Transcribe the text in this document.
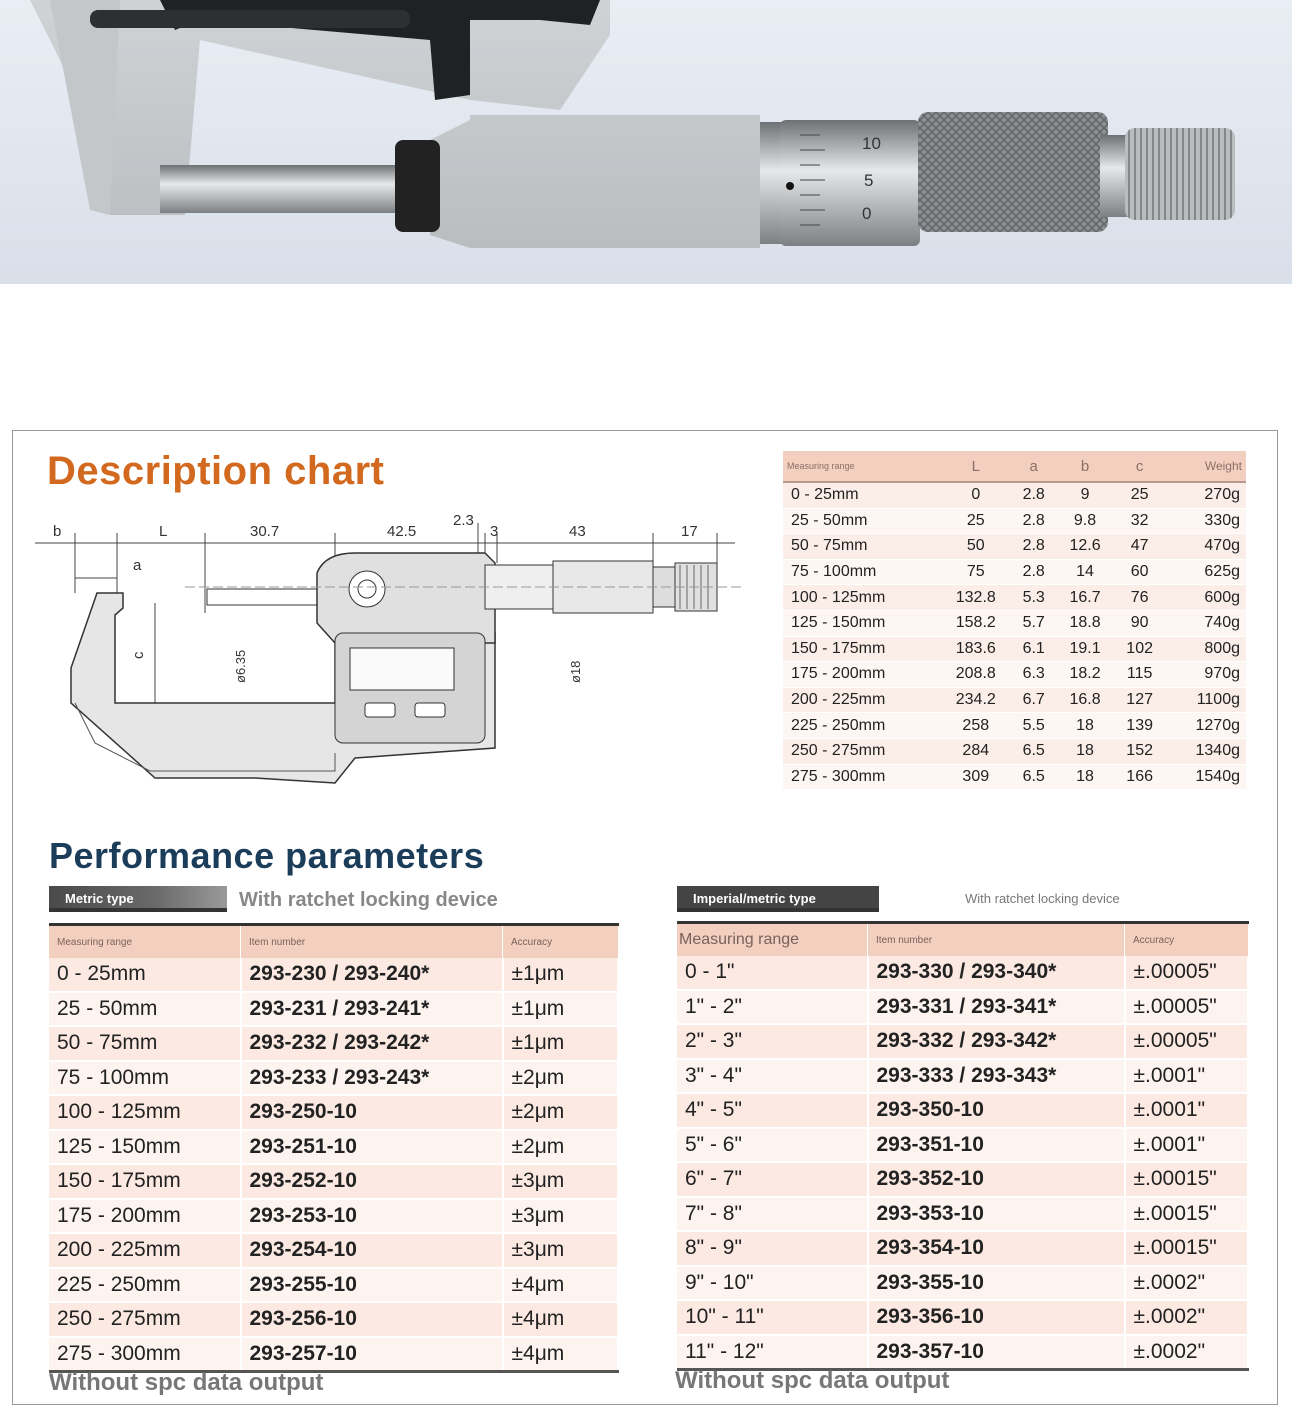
10
5
0
Description chart
b	L	30.7	42.5
2.3
3	43	17
a
c	ø6.35	ø18
Measuring range	L	a	b	c	Weight
0 - 25mm	0	2.8	9	25	270g
25 - 50mm	25	2.8	9.8	32	330g
50 - 75mm	50	2.8	12.6	47	470g
75 - 100mm	75	2.8	14	60	625g
100 - 125mm	132.8	5.3	16.7	76	600g
125 - 150mm	158.2	5.7	18.8	90	740g
150 - 175mm	183.6	6.1	19.1	102	800g
175 - 200mm	208.8	6.3	18.2	115	970g
200 - 225mm	234.2	6.7	16.8	127	1100g
225 - 250mm	258	5.5	18	139	1270g
250 - 275mm	284	6.5	18	152	1340g
275 - 300mm	309	6.5	18	166	1540g
Performance parameters
Metric type	With ratchet locking device
Measuring range	Item number	Accuracy
0 - 25mm	293-230 / 293-240*	±1μm
25 - 50mm	293-231 / 293-241*	±1μm
50 - 75mm	293-232 / 293-242*	±1μm
75 - 100mm	293-233 / 293-243*	±2μm
100 - 125mm	293-250-10	±2μm
125 - 150mm	293-251-10	±2μm
150 - 175mm	293-252-10	±3μm
175 - 200mm	293-253-10	±3μm
200 - 225mm	293-254-10	±3μm
225 - 250mm	293-255-10	±4μm
250 - 275mm	293-256-10	±4μm
275 - 300mm	293-257-10	±4μm

Without spc data output

Imperial/metric type	With ratchet locking device
Measuring range	Item number	Accuracy
0 - 1"	293-330 / 293-340*	±.00005"
1" - 2"	293-331 / 293-341*	±.00005"
2" - 3"	293-332 / 293-342*	±.00005"
3" - 4"	293-333 / 293-343*	±.0001"
4" - 5"	293-350-10	±.0001"
5" - 6"	293-351-10	±.0001"
6" - 7"	293-352-10	±.00015"
7" - 8"	293-353-10	±.00015"
8" - 9"	293-354-10	±.00015"
9" - 10"	293-355-10	±.0002"
10" - 11"	293-356-10	±.0002"
11" - 12"	293-357-10	±.0002"

Without spc data output
